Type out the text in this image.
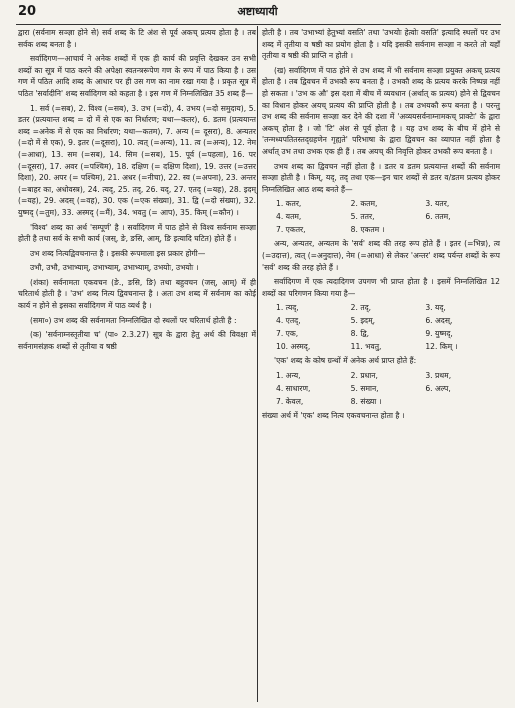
20	अष्टाध्यायी

द्वारा (सर्वनाम सञ्ज्ञा होने से) सर्व शब्द के टि अंश से पूर्व अकच् प्रत्यय होता है । तब सर्वक शब्द बनता है ।

सर्वादिगण—आचार्य ने अनेक शब्दों में एक ही कार्य की प्रवृत्ति देखकर उन सभी शब्दों का सूत्र में पाठ करने की अपेक्षा स्वतन्त्ररूपेण गण के रूप में पाठ किया है । उस गण में पठित आदि शब्द के आधार पर ही उस गण का नाम रखा गया है । प्रकृत सूत्र में पठित 'सर्वादीनि' शब्द सर्वादिगण को कहता है । इस गण में निम्नलिखित 35 शब्द हैं—

1. सर्व (=सब), 2. विश्व (=सब), 3. उभ (=दो), 4. उभय (=दो समुदाय), 5. डतर (प्रत्ययान्त शब्द = दो में से एक का निर्धारण; यथा—कतर), 6. डतम (प्रत्ययान्त शब्द =अनेक में से एक का निर्धारण; यथा—कतम), 7. अन्य (= दूसरा), 8. अन्यतर (=दो में से एक), 9. इतर (=दूसरा), 10. त्वत् (=अन्य), 11. त्व (=अन्य), 12. नेम (=आधा), 13. सम (=सब), 14. सिम (=सब), 15. पूर्व (=पहला), 16. पर (=दूसरा), 17. अवर (=पश्चिम), 18. दक्षिण (= दक्षिण दिशा), 19. उत्तर (=उत्तर दिशा), 20. अपर (= पश्चिम), 21. अधर (=नीचा), 22. स्व (=अपना), 23. अन्तर (=बाहर का, अधोवस्त्र), 24. त्यद्, 25. तद्, 26. यद्, 27. एतद् (=यह), 28. इदम् (=यह), 29. अदस् (=वह), 30. एक (=एक संख्या), 31. द्वि (=दो संख्या), 32. युष्मद् (=तुम), 33. अस्मद् (=मैं), 34. भवतु (= आप), 35. किम् (=कौन) ।

'विश्व' शब्द का अर्थ 'सम्पूर्ण' है । सर्वादिगण में पाठ होने से विश्व सर्वनाम सञ्ज्ञा होती है तथा सर्व के सभी कार्य (जस्, ङे, ङसि, आम्, ङि इत्यादि घटित) होते हैं ।

उभ शब्द नित्यद्विवचनान्त है । इसकी रूपमाला इस प्रकार होगी—

उभौ, उभौ, उभाभ्याम्, उभाभ्याम्, उभाभ्याम्, उभयोः, उभयोः ।

(शंका) सर्वनामता एकवचन (ङे., ङसि, ङि) तथा बहुवचन (जस्, आम्) में ही चरितार्थ होती है । 'उभ' शब्द नित्य द्विवचनान्त है । अतः उभ शब्द में सर्वनाम का कोई कार्य न होने से इसका सर्वादिगण में पाठ व्यर्थ है ।

(समा०) उभ शब्द की सर्वनामता निम्नलिखित दो स्थलों पर चरितार्थ होती है :

(क) 'सर्वनाम्नस्तृतीया च' (पा० 2.3.27) सूत्र के द्वारा हेतु अर्थ की विवक्षा में सर्वनामसंज्ञक शब्दों से तृतीया व षष्ठी

होती है । तब 'उभाभ्यां हेतुभ्यां वसति' तथा 'उभयोः हेत्वोः वसति' इत्यादि स्थलों पर उभ शब्द में तृतीया व षष्ठी का प्रयोग होता है । यदि इसकी सर्वनाम सञ्ज्ञा न करते तो यहाँ तृतीया व षष्ठी की प्राप्ति न होती ।

(ख) सर्वादिगण में पाठ होने से उभ शब्द में भी सर्वनाम सञ्ज्ञा प्रयुक्त अकच् प्रत्यय होता है । तब द्विवचन में उभकौ रूप बनता है । उभकौ शब्द के प्रत्यय करके निष्पन्न नहीं हो सकता । 'उभ क औ' इस दशा में बीच में व्यवधान (अर्थात् क प्रत्यय) होने से द्विवचन का विधान होकर अयच् प्रत्यय की प्राप्ति होती है । तब उभयकौ रूप बनता है । परन्तु उभ शब्द की सर्वनाम सञ्ज्ञा कर देने की दशा में 'अव्ययसर्वनाम्नामकच् प्राक्टेः' के द्वारा अकच् होता है । जो 'टि' अंश से पूर्व होता है । यह उभ शब्द के बीच में होने से 'तन्मध्यपतितस्तद्ग्रहणेन गृह्यते' परिभाषा के द्वारा द्विवचन का व्यापात नहीं होता है अर्थात् उभ तथा उभक एक ही हैं । तब अयच् की निवृत्ति होकर उभकौ रूप बनता है ।

उभय शब्द का द्विवचन नहीं होता है । डतर व डतम प्रत्ययान्त शब्दों की सर्वनाम सञ्ज्ञा होती है । किम्, यद्, तद् तथा एक—इन चार शब्दों से डतर व/डतम प्रत्यय होकर निम्नलिखित आठ शब्द बनते हैं—

1. कतर,	2. कतम,	3. यतर,
4. यतम,	5. ततर,	6. ततम,
7. एकतर,	8. एकतम ।

अन्य, अन्यतर, अन्यतम के 'सर्व' शब्द की तरह रूप होते हैं । इतर (=भिन्न), त्व (=उदात्त), त्वत् (=अनुदात्त), नेम (=आधा) से लेकर 'अन्तर' शब्द पर्यन्त शब्दों के रूप 'सर्व' शब्द की तरह होते हैं ।

सर्वादिगण में एक त्यदादिगण उपगण भी प्राप्त होता है । इसमें निम्नलिखित 12 शब्दों का परिगणन किया गया है—

1. त्यद्,	2. तद्,	3. यद्,
4. एतद्,	5. इदम्,	6. अदस्,
7. एक,	8. द्वि,	9. युष्मद्,
10. अस्मद्,	11. भवतु,	12. किम् ।

'एक' शब्द के कोष ग्रन्थों में अनेक अर्थ प्राप्त होते हैं:

1. अन्य,	2. प्रधान,	3. प्रथम,
4. साधारण,	5. समान,	6. अल्प,
7. केवल,	8. संख्या ।

संख्या अर्थ में 'एक' शब्द नित्य एकवचनान्त होता है ।
